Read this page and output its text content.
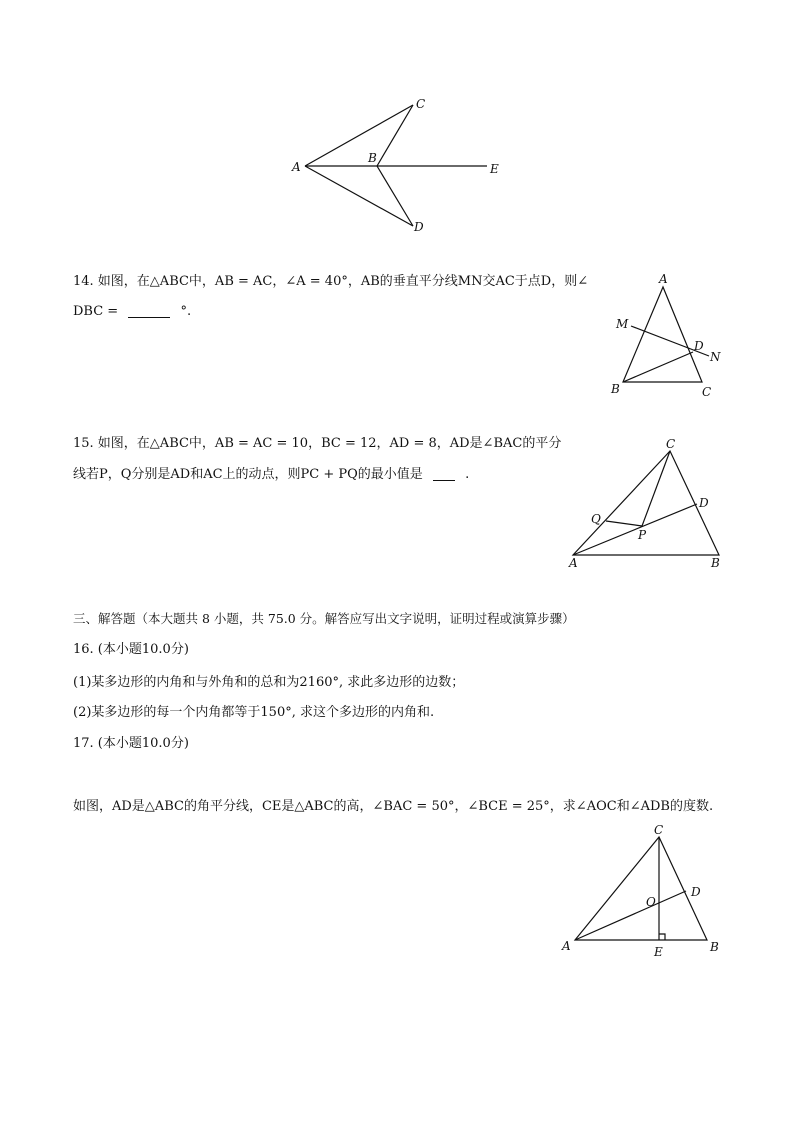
A
B
C
D
E
14. 如图，在△ABC中，AB = AC，∠A = 40°，AB的垂直平分线MN交AC于点D，则∠
DBC =	°.
A
B	C
D
M
N
15. 如图，在△ABC中，AB = AC = 10，BC = 12，AD = 8，AD是∠BAC的平分
线若P，Q分别是AD和AC上的动点，则PC + PQ的最小值是	.
A	B
C
D
P
Q
三、解答题（本大题共 8 小题，共 75.0 分。解答应写出文字说明，证明过程或演算步骤）
16. (本小题10.0分)
(1)某多边形的内角和与外角和的总和为2160°, 求此多边形的边数；
(2)某多边形的每一个内角都等于150°, 求这个多边形的内角和.
17. (本小题10.0分)
如图，AD是△ABC的角平分线，CE是△ABC的高，∠BAC = 50°，∠BCE = 25°，求∠AOC和∠ADB的度数.
A	B
C
D
E
O
